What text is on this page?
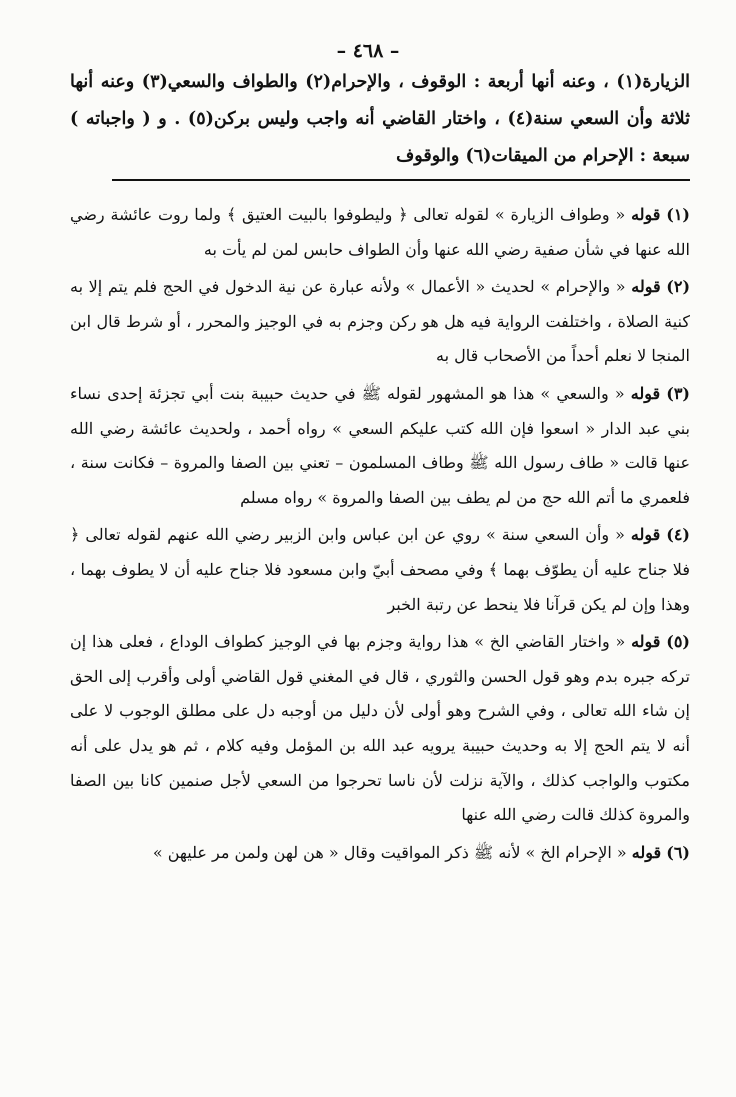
– ٤٦٨ –

الزيارة(١) ، وعنه أنها أربعة : الوقوف ، والإحرام(٢) والطواف والسعي(٣) وعنه أنها ثلاثة وأن السعي سنة(٤) ، واختار القاضي أنه واجب وليس بركن(٥) . و ( واجباته ) سبعة : الإحرام من الميقات(٦) والوقوف

(١) قوله « وطواف الزيارة » لقوله تعالى ﴿ وليطوفوا بالبيت العتيق ﴾ ولما روت عائشة رضي الله عنها في شأن صفية رضي الله عنها وأن الطواف حابس لمن لم يأت به

(٢) قوله « والإحرام » لحديث « الأعمال » ولأنه عبارة عن نية الدخول في الحج فلم يتم إلا به كنية الصلاة ، واختلفت الرواية فيه هل هو ركن وجزم به في الوجيز والمحرر ، أو شرط قال ابن المنجا لا نعلم أحداً من الأصحاب قال به

(٣) قوله « والسعي » هذا هو المشهور لقوله ﷺ في حديث حبيبة بنت أبي تجزئة إحدى نساء بني عبد الدار « اسعوا فإن الله كتب عليكم السعي » رواه أحمد ، ولحديث عائشة رضي الله عنها قالت « طاف رسول الله ﷺ وطاف المسلمون – تعني بين الصفا والمروة – فكانت سنة ، فلعمري ما أتم الله حج من لم يطف بين الصفا والمروة » رواه مسلم

(٤) قوله « وأن السعي سنة » روي عن ابن عباس وابن الزبير رضي الله عنهم لقوله تعالى ﴿ فلا جناح عليه أن يطوّف بهما ﴾ وفي مصحف أبيّ وابن مسعود فلا جناح عليه أن لا يطوف بهما ، وهذا وإن لم يكن قرآنا فلا ينحط عن رتبة الخبر

(٥) قوله « واختار القاضي الخ » هذا رواية وجزم بها في الوجيز كطواف الوداع ، فعلى هذا إن تركه جبره بدم وهو قول الحسن والثوري ، قال في المغني قول القاضي أولى وأقرب إلى الحق إن شاء الله تعالى ، وفي الشرح وهو أولى لأن دليل من أوجبه دل على مطلق الوجوب لا على أنه لا يتم الحج إلا به وحديث حبيبة يرويه عبد الله بن المؤمل وفيه كلام ، ثم هو يدل على أنه مكتوب والواجب كذلك ، والآية نزلت لأن ناسا تحرجوا من السعي لأجل صنمين كانا بين الصفا والمروة كذلك قالت رضي الله عنها

(٦) قوله « الإحرام الخ » لأنه ﷺ ذكر المواقيت وقال « هن لهن ولمن مر عليهن »
